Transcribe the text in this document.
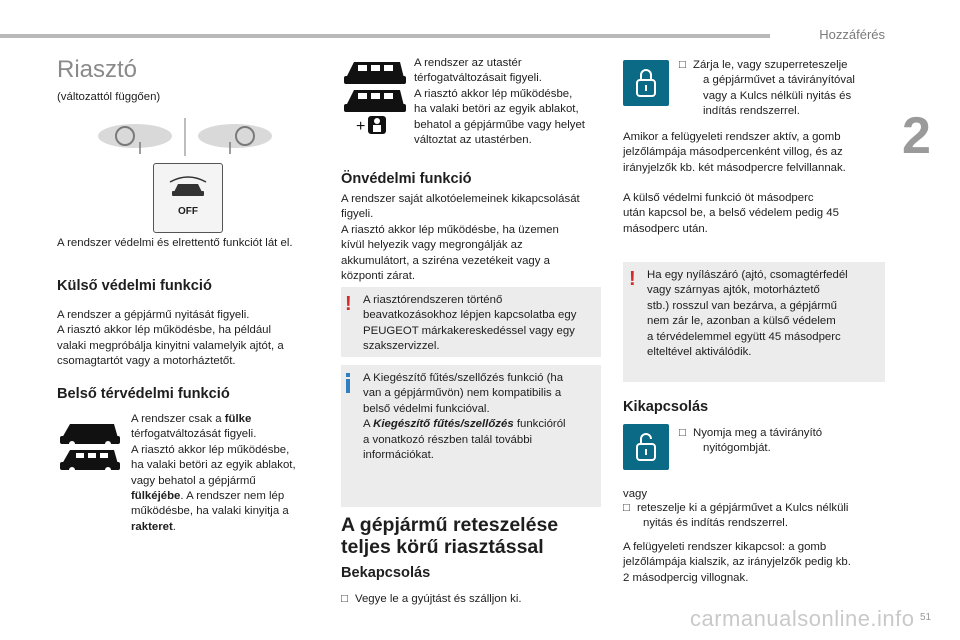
Hozzáférés
2
Riasztó
(változattól függően)
OFF
A rendszer védelmi és elrettentő funkciót lát el.
Külső védelmi funkció
A rendszer a gépjármű nyitását figyeli.
A riasztó akkor lép működésbe, ha például
valaki megpróbálja kinyitni valamelyik ajtót, a
csomagtartót vagy a motorháztetőt.
Belső térvédelmi funkció
A rendszer csak a fülke
térfogatváltozását figyeli.
A riasztó akkor lép működésbe,
ha valaki betöri az egyik ablakot,
vagy behatol a gépjármű
fülkéjébe. A rendszer nem lép
működésbe, ha valaki kinyitja a
rakteret.
+
A rendszer az utastér
térfogatváltozásait figyeli.
A riasztó akkor lép működésbe,
ha valaki betöri az egyik ablakot,
behatol a gépjárműbe vagy helyet
változtat az utastérben.
Önvédelmi funkció
A rendszer saját alkotóelemeinek kikapcsolását
figyeli.
A riasztó akkor lép működésbe, ha üzemen
kívül helyezik vagy megrongálják az
akkumulátort, a sziréna vezetékeit vagy a
központi zárat.
! A riasztórendszeren történő
beavatkozásokhoz lépjen kapcsolatba egy
PEUGEOT márkakereskedéssel vagy egy
szakszervizzel.
A Kiegészítő fűtés/szellőzés funkció (ha
van a gépjárművön) nem kompatibilis a
belső védelmi funkcióval.
A Kiegészítő fűtés/szellőzés funkcióról
a vonatkozó részben talál további
információkat.
A gépjármű reteszelése
teljes körű riasztással
Bekapcsolás
□ Vegye le a gyújtást és szálljon ki.
□ Zárja le, vagy szuperreteszelje
a gépjárművet a távirányítóval
vagy a Kulcs nélküli nyitás és
indítás rendszerrel.
Amikor a felügyeleti rendszer aktív, a gomb
jelzőlámpája másodpercenként villog, és az
irányjelzők kb. két másodpercre felvillannak.
A külső védelmi funkció öt másodperc
után kapcsol be, a belső védelem pedig 45
másodperc után.
! Ha egy nyílászáró (ajtó, csomagtérfedél
vagy szárnyas ajtók, motorháztető
stb.) rosszul van bezárva, a gépjármű
nem zár le, azonban a külső védelem
a térvédelemmel együtt 45 másodperc
elteltével aktiválódik.
Kikapcsolás
□ Nyomja meg a távirányító
nyitógombját.
vagy
□ reteszelje ki a gépjárművet a Kulcs nélküli
nyitás és indítás rendszerrel.
A felügyeleti rendszer kikapcsol: a gomb
jelzőlámpája kialszik, az irányjelzők pedig kb.
2 másodpercig villognak.
carmanualsonline.info 51
